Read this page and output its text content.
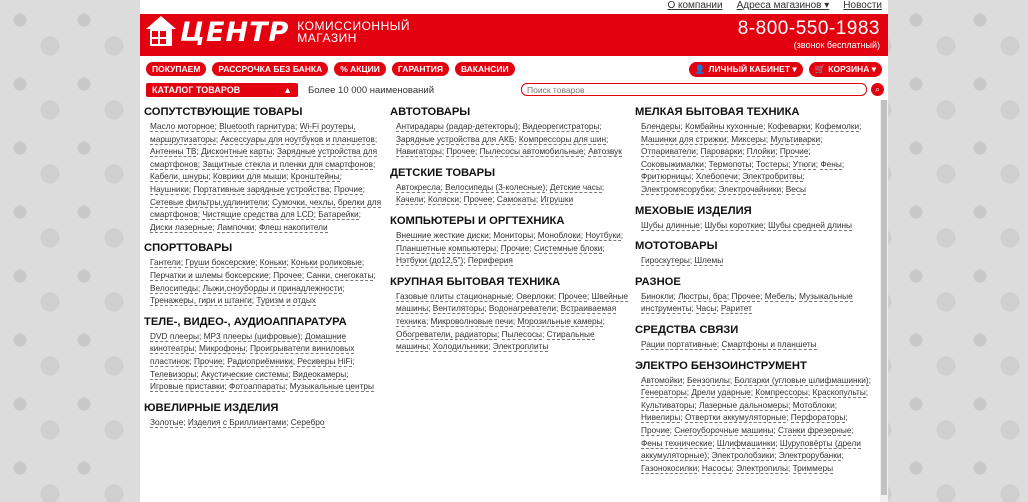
О компании Адреса магазинов ▾ Новости
ЦЕНТР КОМИССИОННЫЙ
МАГАЗИН	8-800-550-1983
(звонок бесплатный)
ПОКУПАЕМ	РАССРОЧКА БЕЗ БАНКА	% АКЦИИ	ГАРАНТИЯ	ВАКАНСИИ	👤 ЛИЧНЫЙ КАБИНЕТ ▾	🛒 КОРЗИНА ▾
КАТАЛОГ ТОВАРОВ	▲ Более 10 000 наименований
Поиск товаров	⌕
СОПУТСТВУЮЩИЕ ТОВАРЫ
Масло моторное; Bluetooth гарнитура; Wi-Fi роутеры, маршрутизаторы; Аксессуары для ноутбуков и планшетов; Антенны ТВ; Дисконтные карты; Зарядные устройства для смартфонов; Защитные стекла и пленки для смартфонов; Кабели, шнуры; Коврики для мыши; Кронштейны; Наушники; Портативные зарядные устройства; Прочие; Сетевые фильтры,удлинители; Сумочки, чехлы, брелки для смартфонов; Чистящие средства для LCD; Батарейки; Диски лазерные; Лампочки; Флеш накопители
СПОРТТОВАРЫ
Гантели; Груши боксерские; Коньки; Коньки роликовые; Перчатки и шлемы боксерские; Прочее; Санки, снегокаты; Велосипеды; Лыжи,сноуборды и принадлежности; Тренажеры, гири и штанги; Туризм и отдых
ТЕЛЕ-, ВИДЕО-, АУДИОАППАРАТУРА
DVD плееры; MP3 плееры (цифровые); Домашние кинотеатры; Микрофоны; Проигрыватели виниловых пластинок; Прочие; Радиоприёмники; Ресиверы HiFi; Телевизоры; Акустические системы; Видеокамеры; Игровые приставки; Фотоаппараты; Музыкальные центры
ЮВЕЛИРНЫЕ ИЗДЕЛИЯ
Золотые; Изделия с Бриллиантами; Серебро
АВТОТОВАРЫ
Антирадары (радар-детекторы); Видеорегистраторы; Зарядные устройства для АКБ; Компрессоры для шин; Навигаторы; Прочее; Пылесосы автомобильные; Автозвук
ДЕТСКИЕ ТОВАРЫ
Автокресла; Велосипеды (3-колесные); Детские часы; Качели; Коляски; Прочее; Самокаты; Игрушки
КОМПЬЮТЕРЫ И ОРГТЕХНИКА
Внешние жесткие диски; Мониторы; Моноблоки; Ноутбуки; Планшетные компьютеры; Прочие; Системные блоки; Нэтбуки (до12,5"); Периферия
КРУПНАЯ БЫТОВАЯ ТЕХНИКА
Газовые плиты стационарные; Оверлоки; Прочее; Швейные машины; Вентиляторы; Водонагреватели; Встраиваемая техника; Микроволновые печи; Морозильные камеры; Обогреватели, радиаторы; Пылесосы; Стиральные машины; Холодильники; Электроплиты
МЕЛКАЯ БЫТОВАЯ ТЕХНИКА
Блендеры; Комбайны кухонные; Кофеварки; Кофемолки; Машинки для стрижки; Миксеры; Мультиварки; Отпариватели; Пароварки; Плойки; Прочие; Соковыжималки; Термопоты; Тостеры; Утюги; Фены; Фритюрницы; Хлебопечи; Электробритвы; Электромясорубки; Электрочайники; Весы
МЕХОВЫЕ ИЗДЕЛИЯ
Шубы длинные; Шубы короткие; Шубы средней длины
МОТОТОВАРЫ
Гироскутеры; Шлемы
РАЗНОЕ
Бинокли; Люстры, бра; Прочее; Мебель; Музыкальные инструменты; Часы; Раритет
СРЕДСТВА СВЯЗИ
Рации портативные; Смартфоны и планшеты
ЭЛЕКТРО БЕНЗОИНСТРУМЕНТ
Автомойки; Бензопилы; Болгарки (угловые шлифмашинки); Генераторы; Дрели ударные; Компрессоры; Краскопульты; Культиваторы; Лазерные дальномеры; Мотоблоки; Нивелиры; Отвертки аккумуляторные; Перфораторы; Прочие; Снегоуборочные машины; Станки фрезерные; Фены технические; Шлифмашинки; Шуруповёрты (дрели аккумуляторные); Электролобзики; Электрорубанки; Газонокосилки; Насосы; Электропилы; Триммеры
